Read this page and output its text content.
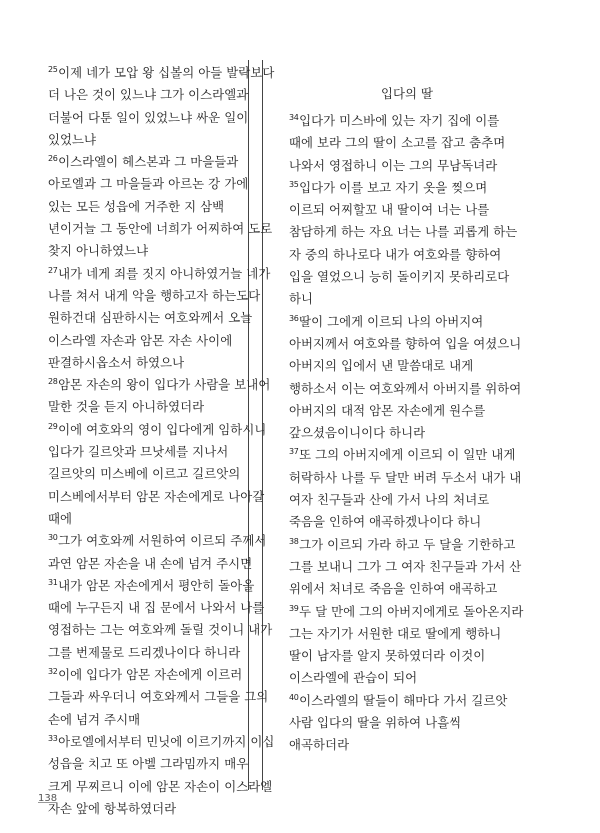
$^{25}$이제 네가 모압 왕 십볼의 아들 발락보다 더 나은 것이 있느냐 그가 이스라엘과 더불어 다툰 일이 있었느냐 싸운 일이 있었느냐

$^{26}$이스라엘이 헤스본과 그 마을들과 아로엘과 그 마을들과 아르논 강 가에 있는 모든 성읍에 거주한 지 삼백 년이거늘 그 동안에 너희가 어찌하여 도로 찾지 아니하였느냐

$^{27}$내가 네게 죄를 짓지 아니하였거늘 네가 나를 쳐서 내게 악을 행하고자 하는도다 원하건대 심판하시는 여호와께서 오늘 이스라엘 자손과 암몬 자손 사이에 판결하시옵소서 하였으나

$^{28}$암몬 자손의 왕이 입다가 사람을 보내어 말한 것을 듣지 아니하였더라

$^{29}$이에 여호와의 영이 입다에게 임하시니 입다가 길르앗과 므낫세를 지나서 길르앗의 미스베에 이르고 길르앗의 미스베에서부터 암몬 자손에게로 나아갈 때에

$^{30}$그가 여호와께 서원하여 이르되 주께서 과연 암몬 자손을 내 손에 넘겨 주시면

$^{31}$내가 암몬 자손에게서 평안히 돌아올 때에 누구든지 내 집 문에서 나와서 나를 영접하는 그는 여호와께 돌릴 것이니 내가 그를 번제물로 드리겠나이다 하니라

$^{32}$이에 입다가 암몬 자손에게 이르러 그들과 싸우더니 여호와께서 그들을 그의 손에 넘겨 주시매

$^{33}$아로엘에서부터 민닛에 이르기까지 이십 성읍을 치고 또 아벨 그라밈까지 매우 크게 무찌르니 이에 암몬 자손이 이스라엘 자손 앞에 항복하였더라

입다의 딸

$^{34}$입다가 미스바에 있는 자기 집에 이를 때에 보라 그의 딸이 소고를 잡고 춤추며 나와서 영접하니 이는 그의 무남독녀라

$^{35}$입다가 이를 보고 자기 옷을 찢으며 이르되 어찌할꼬 내 딸이여 너는 나를 참담하게 하는 자요 너는 나를 괴롭게 하는 자 중의 하나로다 내가 여호와를 향하여 입을 열었으니 능히 돌이키지 못하리로다 하니

$^{36}$딸이 그에게 이르되 나의 아버지여 아버지께서 여호와를 향하여 입을 여셨으니 아버지의 입에서 낸 말씀대로 내게 행하소서 이는 여호와께서 아버지를 위하여 아버지의 대적 암몬 자손에게 원수를 갚으셨음이니이다 하니라

$^{37}$또 그의 아버지에게 이르되 이 일만 내게 허락하사 나를 두 달만 버려 두소서 내가 내 여자 친구들과 산에 가서 나의 처녀로 죽음을 인하여 애곡하겠나이다 하니

$^{38}$그가 이르되 가라 하고 두 달을 기한하고 그를 보내니 그가 그 여자 친구들과 가서 산 위에서 처녀로 죽음을 인하여 애곡하고

$^{39}$두 달 만에 그의 아버지에게로 돌아온지라 그는 자기가 서원한 대로 딸에게 행하니 딸이 남자를 알지 못하였더라 이것이 이스라엘에 관습이 되어

$^{40}$이스라엘의 딸들이 해마다 가서 길르앗 사람 입다의 딸을 위하여 나흘씩 애곡하더라

138
